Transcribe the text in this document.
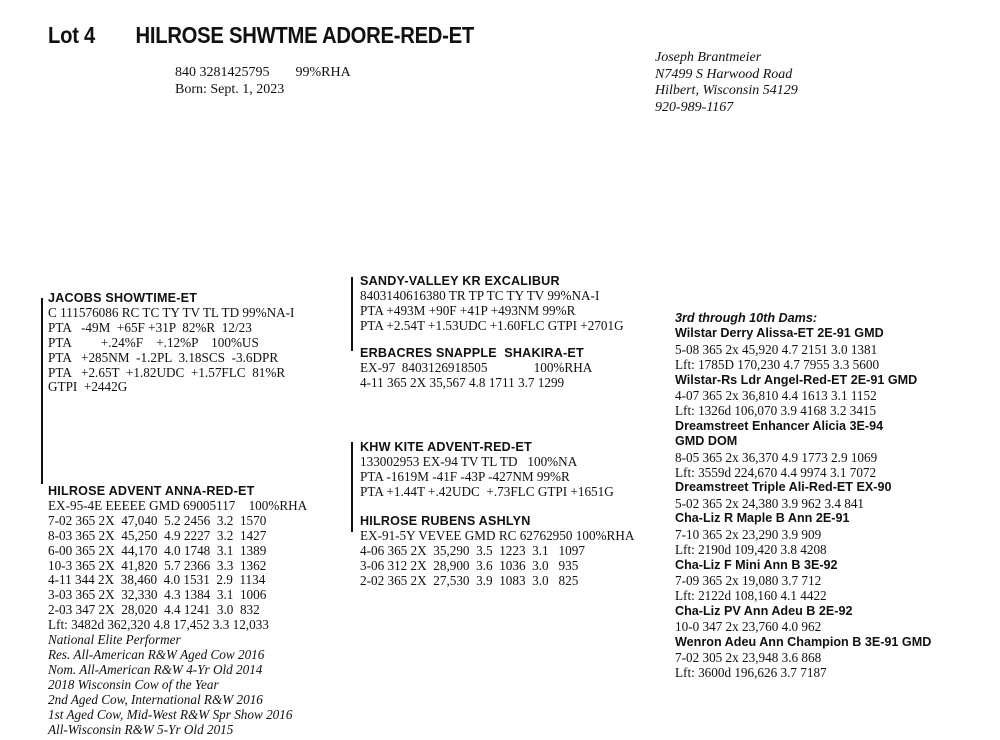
Lot 4 HILROSE SHWTME ADORE-RED-ET
840 3281425795 99%RHA
Born: Sept. 1, 2023
Joseph Brantmeier
N7499 S Harwood Road
Hilbert, Wisconsin 54129
920-989-1167
JACOBS SHOWTIME-ET
C 111576086 RC TC TY TV TL TD 99%NA-I
PTA   -49M  +65F +31P  82%R  12/23
PTA         +.24%F    +.12%P    100%US
PTA   +285NM  -1.2PL  3.18SCS  -3.6DPR
PTA   +2.65T  +1.82UDC  +1.57FLC  81%R
GTPI  +2442G
SANDY-VALLEY KR EXCALIBUR
8403140616380 TR TP TC TY TV 99%NA-I
PTA +493M +90F +41P +493NM 99%R
PTA +2.54T +1.53UDC +1.60FLC GTPI +2701G
ERBACRES SNAPPLE  SHAKIRA-ET
EX-97  8403126918505              100%RHA
4-11 365 2X 35,567 4.8 1711 3.7 1299
HILROSE ADVENT ANNA-RED-ET
EX-95-4E EEEEE GMD 69005117    100%RHA
7-02 365 2X  47,040  5.2 2456  3.2  1570
8-03 365 2X  45,250  4.9 2227  3.2  1427
6-00 365 2X  44,170  4.0 1748  3.1  1389
10-3 365 2X  41,820  5.7 2366  3.3  1362
4-11 344 2X  38,460  4.0 1531  2.9  1134
3-03 365 2X  32,330  4.3 1384  3.1  1006
2-03 347 2X  28,020  4.4 1241  3.0  832
Lft: 3482d 362,320 4.8 17,452 3.3 12,033
National Elite Performer
Res. All-American R&W Aged Cow 2016
Nom. All-American R&W 4-Yr Old 2014
2018 Wisconsin Cow of the Year
2nd Aged Cow, International R&W 2016
1st Aged Cow, Mid-West R&W Spr Show 2016
All-Wisconsin R&W 5-Yr Old 2015
KHW KITE ADVENT-RED-ET
133002953 EX-94 TV TL TD   100%NA
PTA -1619M -41F -43P -427NM 99%R
PTA +1.44T +.42UDC  +.73FLC GTPI +1651G
HILROSE RUBENS ASHLYN
EX-91-5Y VEVEE GMD RC 62762950 100%RHA
4-06 365 2X  35,290  3.5  1223  3.1   1097
3-06 312 2X  28,900  3.6  1036  3.0   935
2-02 365 2X  27,530  3.9  1083  3.0   825
3rd through 10th Dams:
Wilstar Derry Alissa-ET 2E-91 GMD
5-08 365 2x 45,920 4.7 2151 3.0 1381
Lft: 1785D 170,230 4.7 7955 3.3 5600
Wilstar-Rs Ldr Angel-Red-ET 2E-91 GMD
4-07 365 2x 36,810 4.4 1613 3.1 1152
Lft: 1326d 106,070 3.9 4168 3.2 3415
Dreamstreet Enhancer Alicia 3E-94
GMD DOM
8-05 365 2x 36,370 4.9 1773 2.9 1069
Lft: 3559d 224,670 4.4 9974 3.1 7072
Dreamstreet Triple Ali-Red-ET EX-90
5-02 365 2x 24,380 3.9 962 3.4 841
Cha-Liz R Maple B Ann 2E-91
7-10 365 2x 23,290 3.9 909
Lft: 2190d 109,420 3.8 4208
Cha-Liz F Mini Ann B 3E-92
7-09 365 2x 19,080 3.7 712
Lft: 2122d 108,160 4.1 4422
Cha-Liz PV Ann Adeu B 2E-92
10-0 347 2x 23,760 4.0 962
Wenron Adeu Ann Champion B 3E-91 GMD
7-02 305 2x 23,948 3.6 868
Lft: 3600d 196,626 3.7 7187
